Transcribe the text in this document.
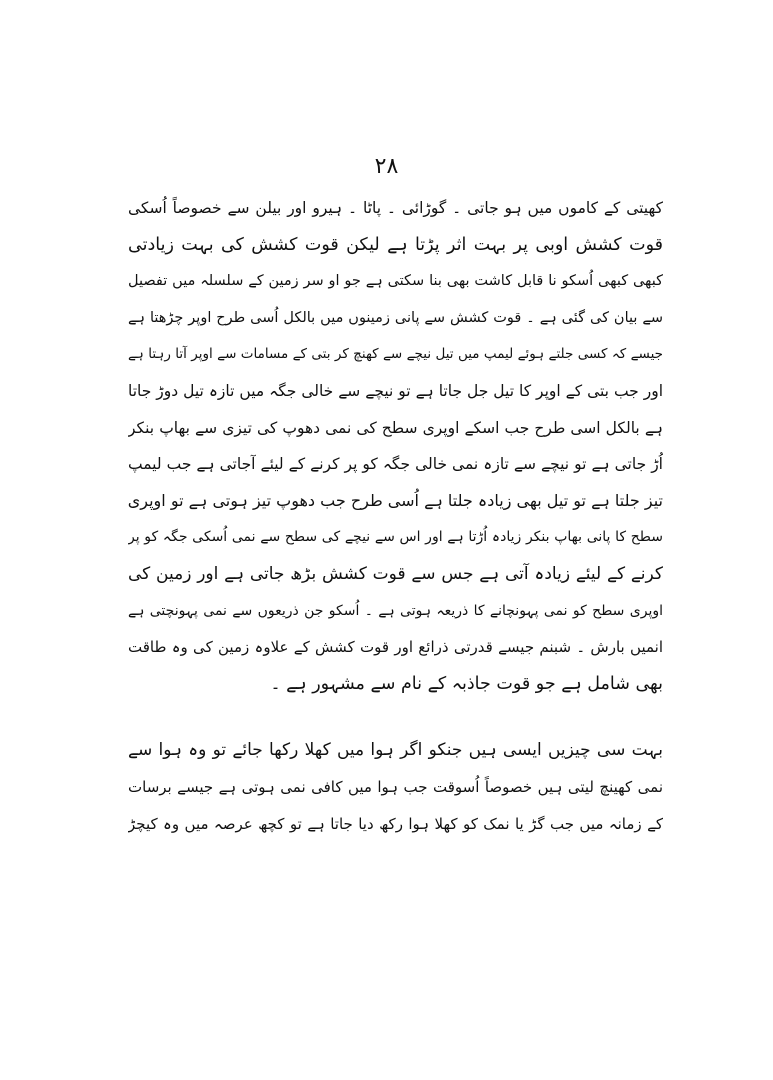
۲۸
کھیتی کے کاموں میں ہو جاتی ۔ گوڑائی ۔ پاٹا ۔ ہیرو اور بیلن سے خصوصاً اُسکی
قوت کشش اوبی پر بہت اثر پڑتا ہے لیکن قوت کشش کی بہت زیادتی
کبھی کبھی اُسکو نا قابل کاشت بھی بنا سکتی ہے جو او سر زمین کے سلسلہ میں تفصیل
سے بیان کی گئی ہے ۔ قوت کشش سے پانی زمینوں میں بالکل اُسی طرح اوپر چڑھتا ہے
جیسے کہ کسی جلتے ہوئے لیمپ میں تیل نیچے سے کھنچ کر بتی کے مسامات سے اوپر آتا رہتا ہے
اور جب بتی کے اوپر کا تیل جل جاتا ہے تو نیچے سے خالی جگہ میں تازہ تیل دوڑ جاتا
ہے بالکل اسی طرح جب اسکے اوپری سطح کی نمی دھوپ کی تیزی سے بھاپ بنکر
اُڑ جاتی ہے تو نیچے سے تازہ نمی خالی جگہ کو پر کرنے کے لیئے آجاتی ہے جب لیمپ
تیز جلتا ہے تو تیل بھی زیادہ جلتا ہے اُسی طرح جب دھوپ تیز ہوتی ہے تو اوپری
سطح کا پانی بھاپ بنکر زیادہ اُڑتا ہے اور اس سے نیچے کی سطح سے نمی اُسکی جگہ کو پر
کرنے کے لیئے زیادہ آتی ہے جس سے قوت کشش بڑھ جاتی ہے اور زمین کی
اوپری سطح کو نمی پہونچانے کا ذریعہ ہوتی ہے ۔ اُسکو جن ذریعوں سے نمی پہونچتی ہے
انمیں بارش ۔ شبنم جیسے قدرتی ذرائع اور قوت کشش کے علاوہ زمین کی وہ طاقت
بھی شامل ہے جو قوت جاذبہ کے نام سے مشہور ہے ۔
بہت سی چیزیں ایسی ہیں جنکو اگر ہوا میں کھلا رکھا جائے تو وہ ہوا سے
نمی کھینچ لیتی ہیں خصوصاً اُسوقت جب ہوا میں کافی نمی ہوتی ہے جیسے برسات
کے زمانہ میں جب گڑ یا نمک کو کھلا ہوا رکھ دیا جاتا ہے تو کچھ عرصہ میں وہ کیچڑ
